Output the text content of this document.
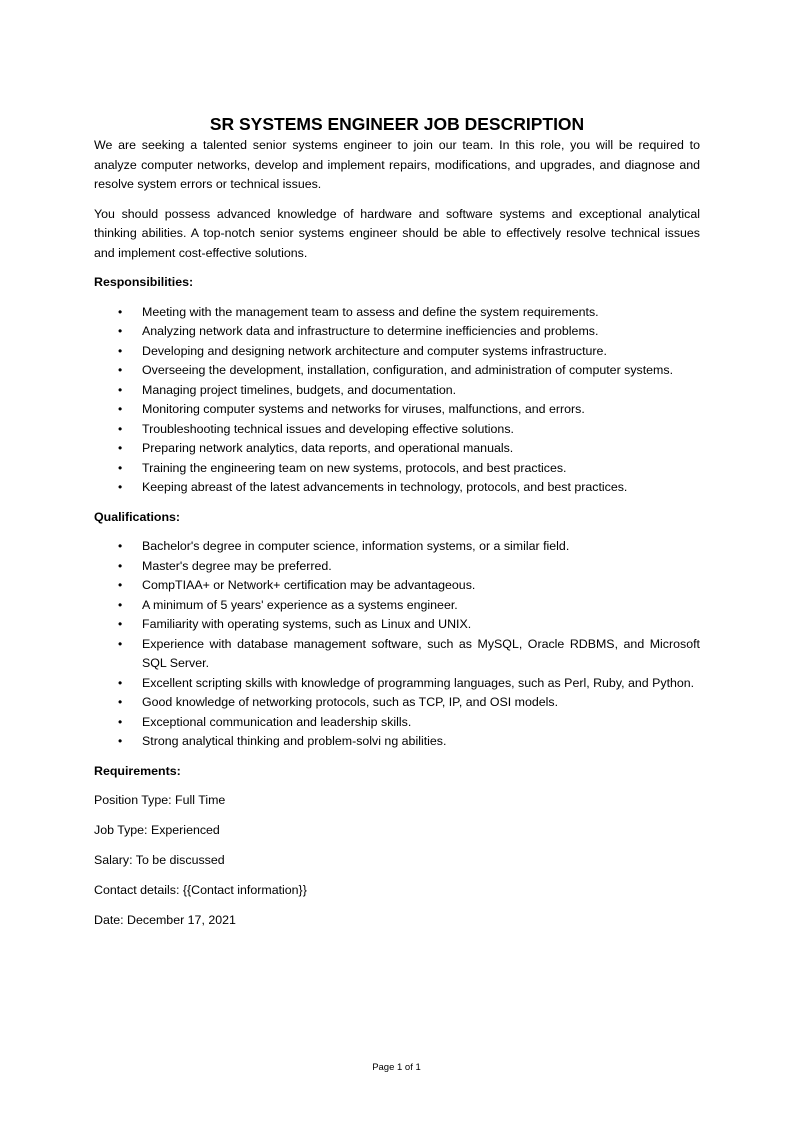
SR SYSTEMS ENGINEER JOB DESCRIPTION

We are seeking a talented senior systems engineer to join our team. In this role, you will be required to analyze computer networks, develop and implement repairs, modifications, and upgrades, and diagnose and resolve system errors or technical issues.

You should possess advanced knowledge of hardware and software systems and exceptional analytical thinking abilities. A top-notch senior systems engineer should be able to effectively resolve technical issues and implement cost-effective solutions.

Responsibilities:
• Meeting with the management team to assess and define the system requirements.
• Analyzing network data and infrastructure to determine inefficiencies and problems.
• Developing and designing network architecture and computer systems infrastructure.
• Overseeing the development, installation, configuration, and administration of computer systems.
• Managing project timelines, budgets, and documentation.
• Monitoring computer systems and networks for viruses, malfunctions, and errors.
• Troubleshooting technical issues and developing effective solutions.
• Preparing network analytics, data reports, and operational manuals.
• Training the engineering team on new systems, protocols, and best practices.
• Keeping abreast of the latest advancements in technology, protocols, and best practices.
Qualifications:
• Bachelor's degree in computer science, information systems, or a similar field.
• Master's degree may be preferred.
• CompTIAA+ or Network+ certification may be advantageous.
• A minimum of 5 years' experience as a systems engineer.
• Familiarity with operating systems, such as Linux and UNIX.
• Experience with database management software, such as MySQL, Oracle RDBMS, and Microsoft SQL Server.
• Excellent scripting skills with knowledge of programming languages, such as Perl, Ruby, and Python.
• Good knowledge of networking protocols, such as TCP, IP, and OSI models.
• Exceptional communication and leadership skills.
• Strong analytical thinking and problem-solvi ng abilities.
Requirements:
Position Type: Full Time
Job Type: Experienced
Salary: To be discussed
Contact details: {{Contact information}}
Date: December 17, 2021
Page 1 of 1
